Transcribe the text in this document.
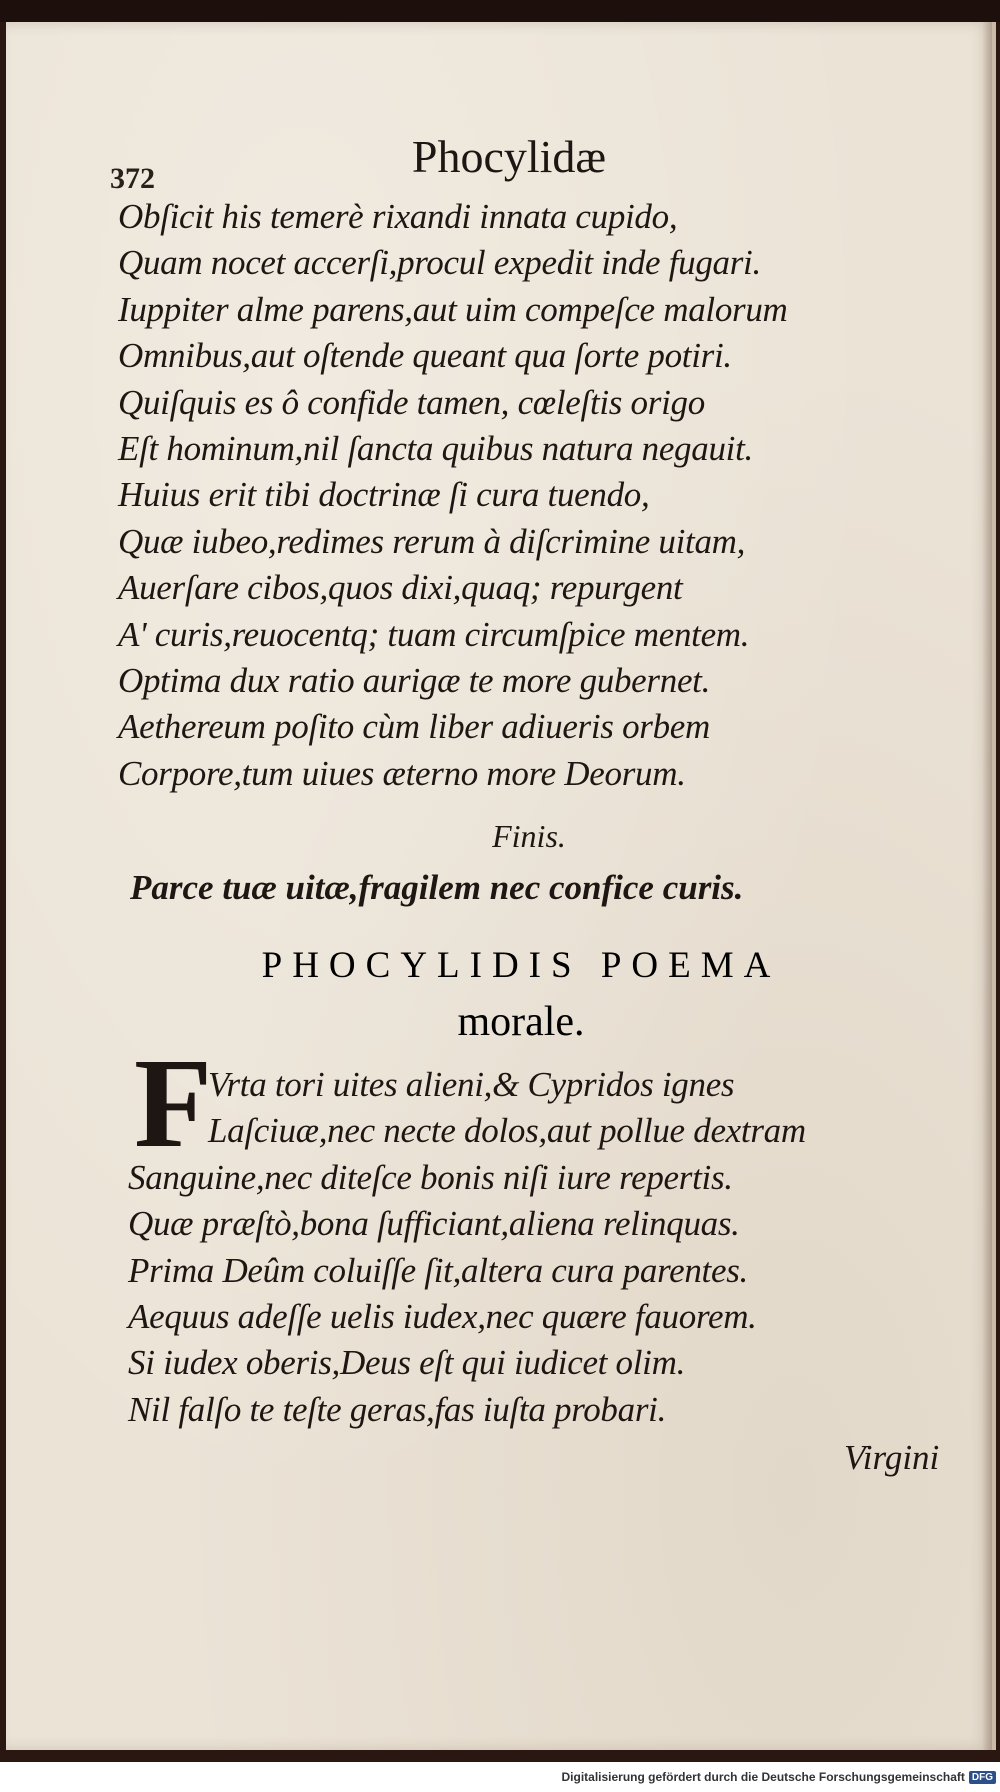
372	Phocylidæ
Obſicit his temerè rixandi innata cupido,
Quam nocet accerſi,procul expedit inde fugari.
Iuppiter alme parens,aut uim compeſce malorum
Omnibus,aut oſtende queant qua ſorte potiri.
Quiſquis es ô confide tamen, cœleſtis origo
Eſt hominum,nil ſanctа quibus natura negauit.
Huius erit tibi doctrinæ ſi cura tuendo,
Quæ iubeo,redimes rerum à diſcrimine uitam,
Auerſare cibos,quos dixi,quaq; repurgent
A' curis,reuocentq; tuam circumſpice mentem.
Optima dux ratio aurigæ te more gubernet.
Aethereum poſito cùm liber adiueris orbem
Corpore,tum uiues æterno more Deorum.
Finis.
Parce tuæ uitæ,fragilem nec confice curis.
PHOCYLIDIS POEMA
morale.
F
Vrta tori uites alieni,& Cypridos ignes
Laſciuæ,nec necte dolos,aut pollue dextram
Sanguine,nec diteſce bonis niſi iure repertis.
Quæ præſtò,bona ſufficiant,aliena relinquas.
Prima Deûm coluiſſe ſit,altera cura parentes.
Aequus adeſſe uelis iudex,nec quære fauorem.
Si iudex oberis,Deus eſt qui iudicet olim.
Nil falſo te teſte geras,fas iuſta probari.
Virgini
Digitalisierung gefördert durch die Deutsche Forschungsgemeinschaft DFG
